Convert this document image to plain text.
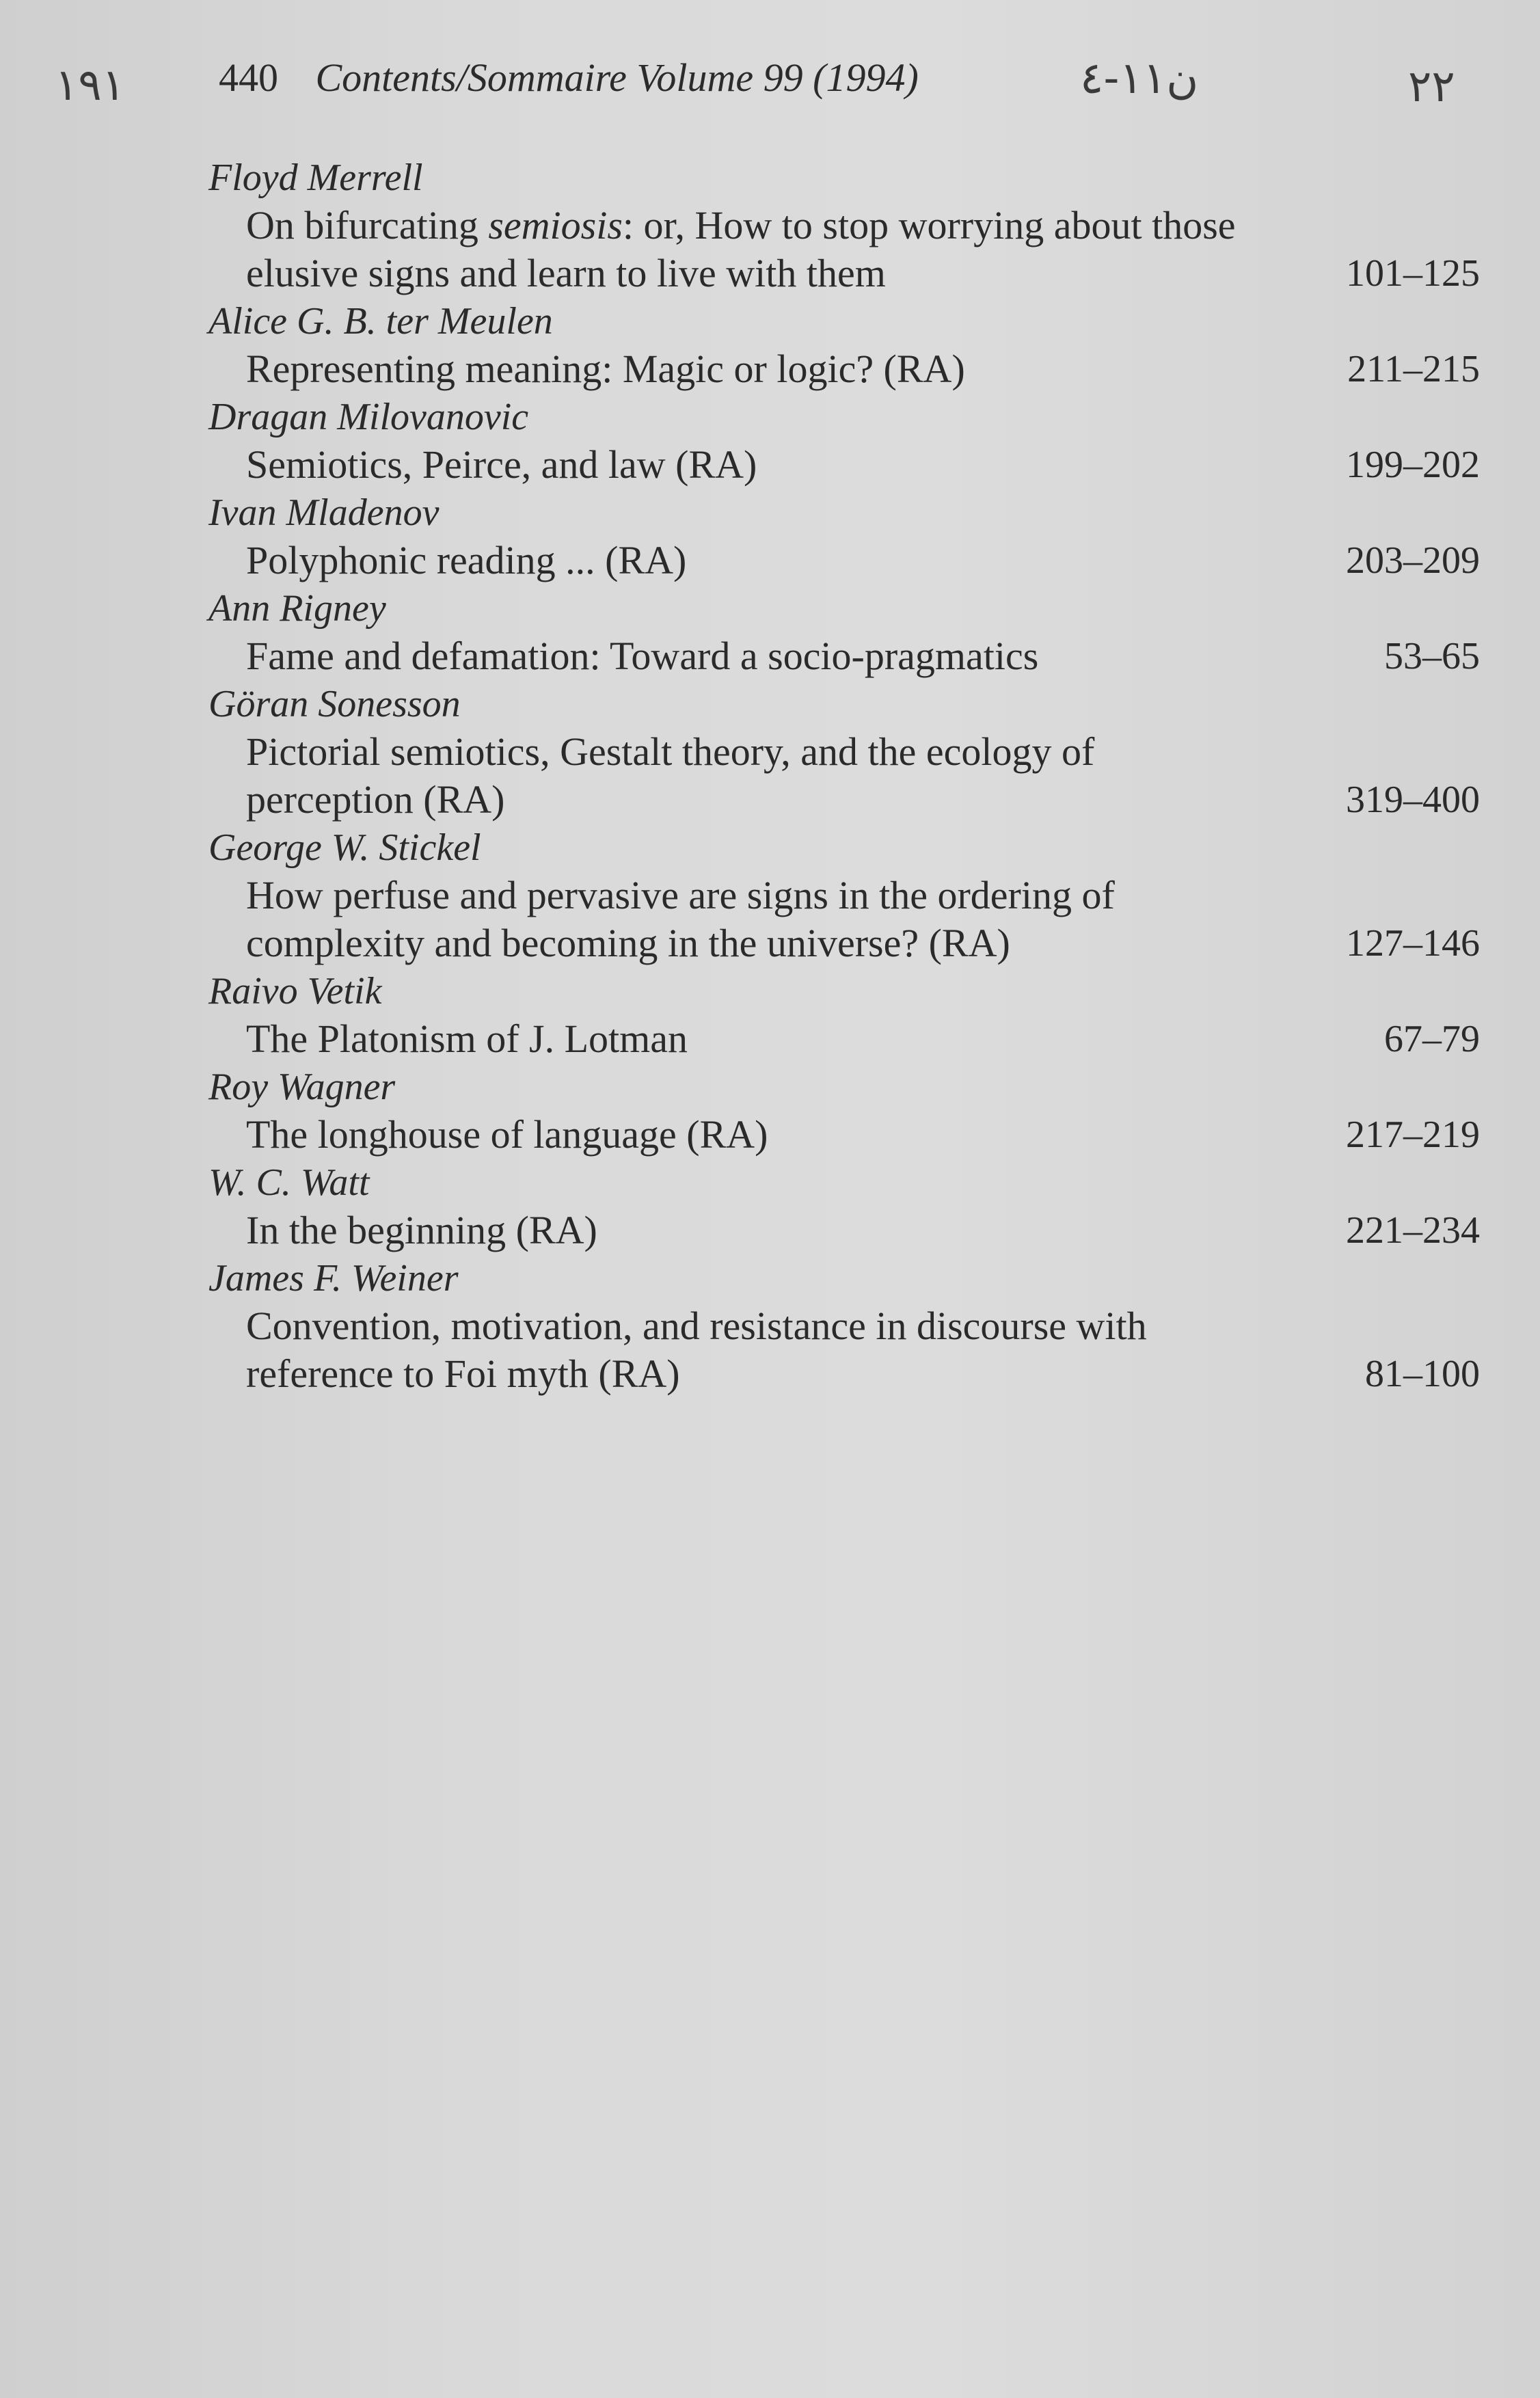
١٩١	ن١١-٤	٢٢
440 Contents/Sommaire Volume 99 (1994)
Floyd Merrell
On bifurcating semiosis: or, How to stop worrying about those elusive signs and learn to live with them	101–125
Alice G. B. ter Meulen
Representing meaning: Magic or logic? (RA)	211–215
Dragan Milovanovic
Semiotics, Peirce, and law (RA)	199–202
Ivan Mladenov
Polyphonic reading ... (RA)	203–209
Ann Rigney
Fame and defamation: Toward a socio-pragmatics	53–65
Göran Sonesson
Pictorial semiotics, Gestalt theory, and the ecology of perception (RA)	319–400
George W. Stickel
How perfuse and pervasive are signs in the ordering of complexity and becoming in the universe? (RA)	127–146
Raivo Vetik
The Platonism of J. Lotman	67–79
Roy Wagner
The longhouse of language (RA)	217–219
W. C. Watt
In the beginning (RA)	221–234
James F. Weiner
Convention, motivation, and resistance in discourse with reference to Foi myth (RA)	81–100
